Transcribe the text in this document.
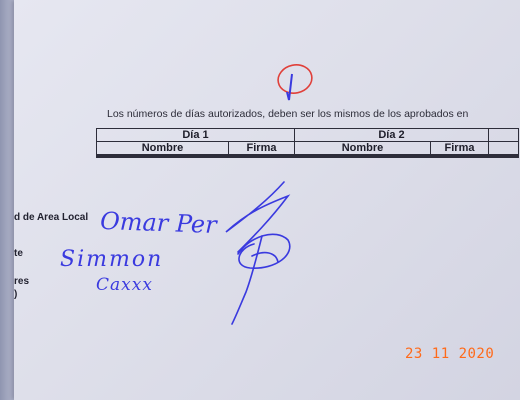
Los números de días autorizados, deben ser los mismos de los aprobados en
Día 1		Día 2		
Nombre	Firma	Nombre	Firma	

d de Area Local
te
res
)
Omar Per
Simmon
Caxxx
23 11 2020
